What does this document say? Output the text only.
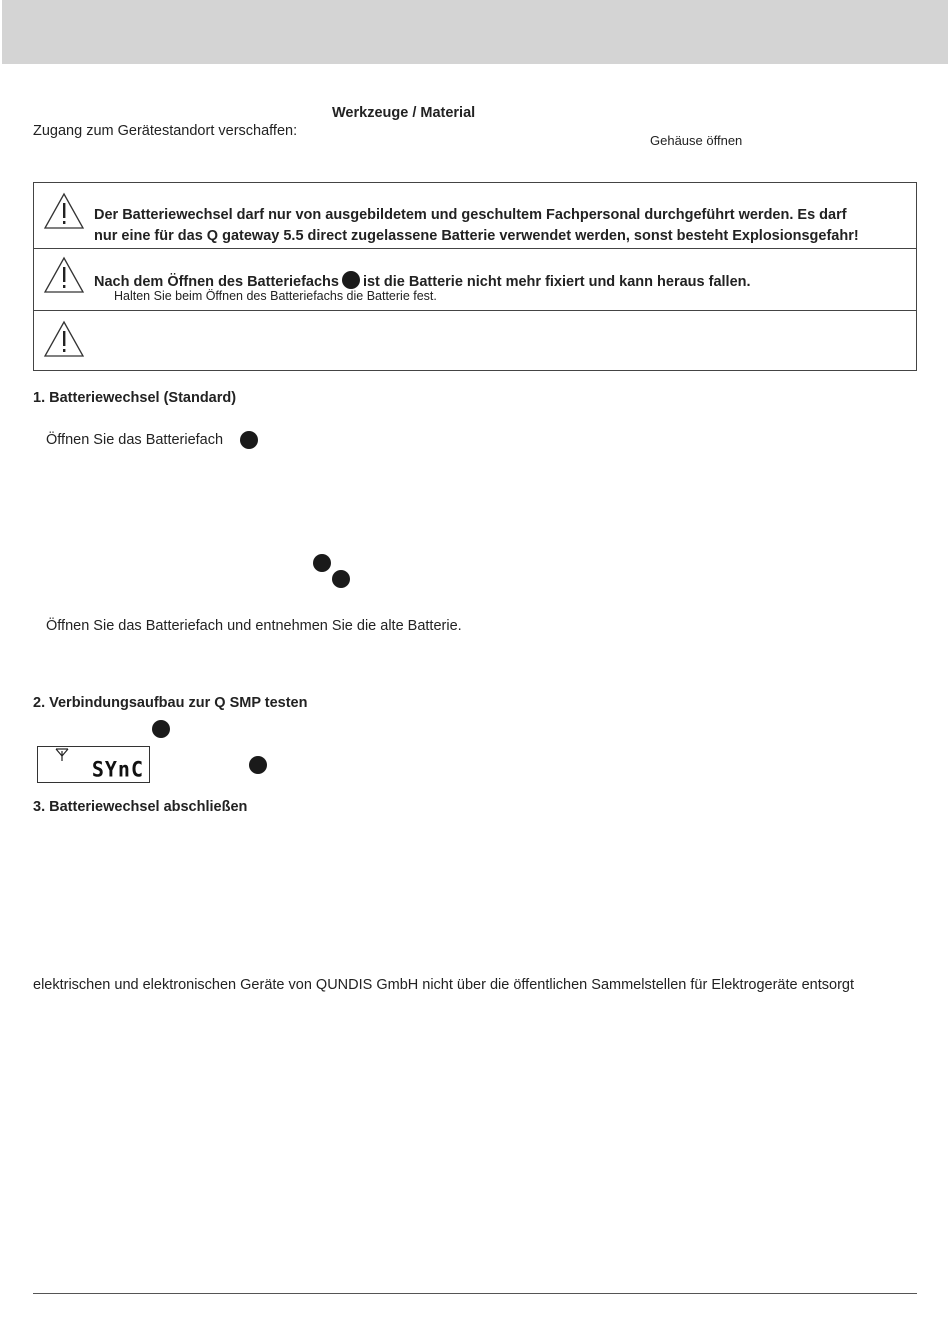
Werkzeuge / Material
Zugang zum Gerätestandort verschaffen:
Gehäuse öffnen
Der Batteriewechsel darf nur von ausgebildetem und geschultem Fachpersonal durchgeführt werden. Es darf
nur eine für das Q gateway 5.5 direct zugelassene Batterie verwendet werden, sonst besteht Explosionsgefahr!
Nach dem Öffnen des Batteriefachs ist die Batterie nicht mehr fixiert und kann heraus fallen.
Halten Sie beim Öffnen des Batteriefachs die Batterie fest.
1. Batteriewechsel (Standard)
Öffnen Sie das Batteriefach
Öffnen Sie das Batteriefach und entnehmen Sie die alte Batterie.
2. Verbindungsaufbau zur Q SMP testen
SYnC
3. Batteriewechsel abschließen
elektrischen und elektronischen Geräte von QUNDIS GmbH nicht über die öffentlichen Sammelstellen für Elektrogeräte entsorgt
